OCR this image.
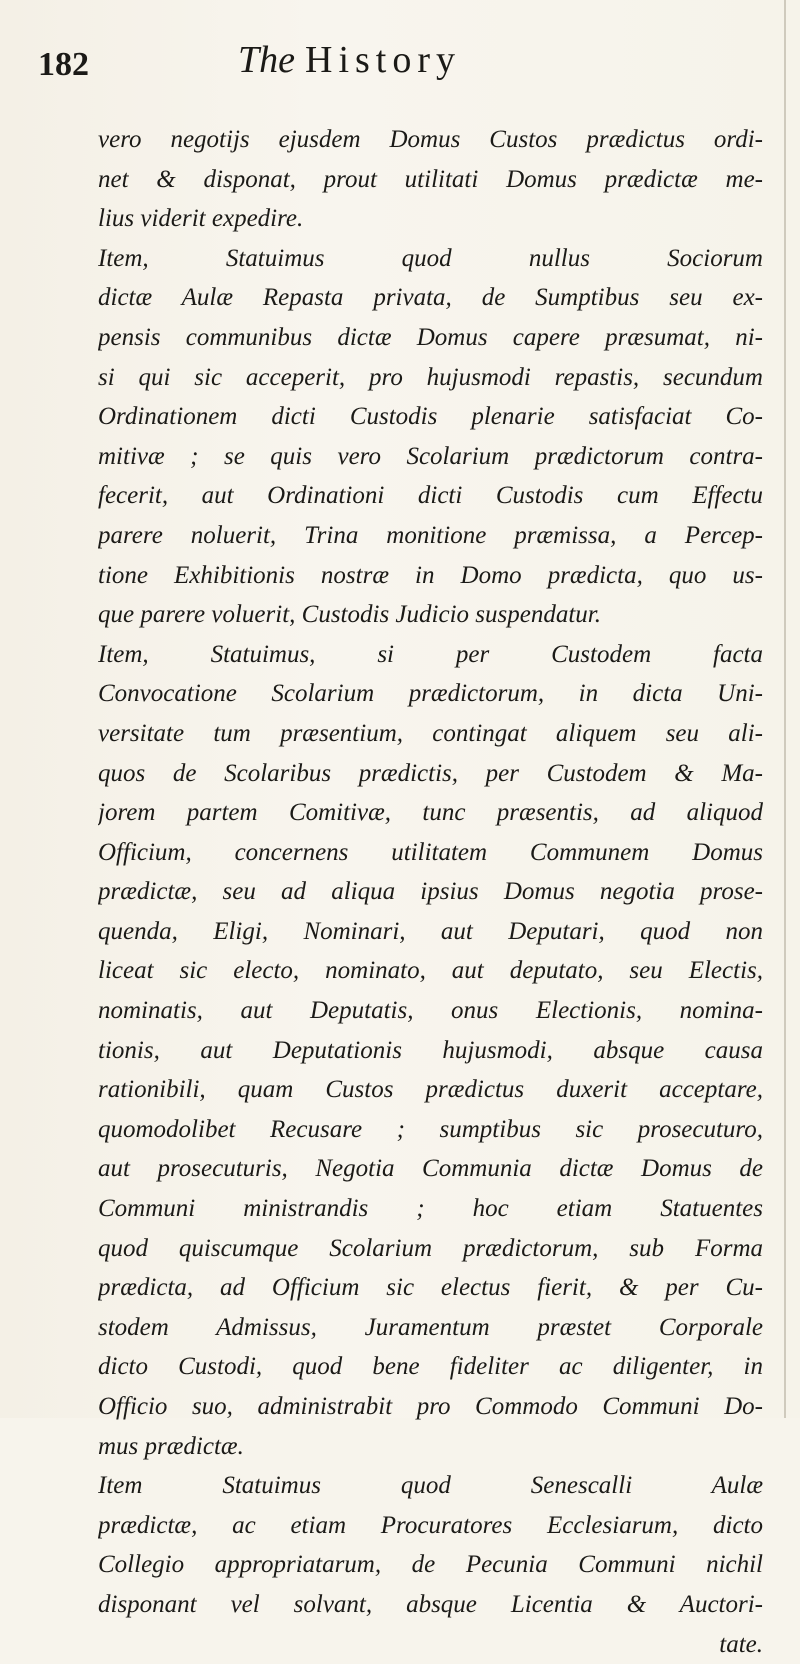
182	The History
vero negotijs ejusdem Domus Custos prædictus ordi-
net & disponat, prout utilitati Domus prædictæ me-
lius viderit expedire.
Item, Statuimus quod nullus Sociorum
dictæ Aulæ Repasta privata, de Sumptibus seu ex-
pensis communibus dictæ Domus capere præsumat, ni-
si qui sic acceperit, pro hujusmodi repastis, secundum
Ordinationem dicti Custodis plenarie satisfaciat Co-
mitivæ ; se quis vero Scolarium prædictorum contra-
fecerit, aut Ordinationi dicti Custodis cum Effectu
parere noluerit, Trina monitione præmissa, a Percep-
tione Exhibitionis nostræ in Domo prædicta, quo us-
que parere voluerit, Custodis Judicio suspendatur.
Item, Statuimus, si per Custodem facta
Convocatione Scolarium prædictorum, in dicta Uni-
versitate tum præsentium, contingat aliquem seu ali-
quos de Scolaribus prædictis, per Custodem & Ma-
jorem partem Comitivæ, tunc præsentis, ad aliquod
Officium, concernens utilitatem Communem Domus
prædictæ, seu ad aliqua ipsius Domus negotia prose-
quenda, Eligi, Nominari, aut Deputari, quod non
liceat sic electo, nominato, aut deputato, seu Electis,
nominatis, aut Deputatis, onus Electionis, nomina-
tionis, aut Deputationis hujusmodi, absque causa
rationibili, quam Custos prædictus duxerit acceptare,
quomodolibet Recusare ; sumptibus sic prosecuturo,
aut prosecuturis, Negotia Communia dictæ Domus de
Communi ministrandis ; hoc etiam Statuentes
quod quiscumque Scolarium prædictorum, sub Forma
prædicta, ad Officium sic electus fierit, & per Cu-
stodem Admissus, Juramentum præstet Corporale
dicto Custodi, quod bene fideliter ac diligenter, in
Officio suo, administrabit pro Commodo Communi Do-
mus prædictæ.
Item Statuimus quod Senescalli Aulæ
prædictæ, ac etiam Procuratores Ecclesiarum, dicto
Collegio appropriatarum, de Pecunia Communi nichil
disponant vel solvant, absque Licentia & Auctori-
tate.
